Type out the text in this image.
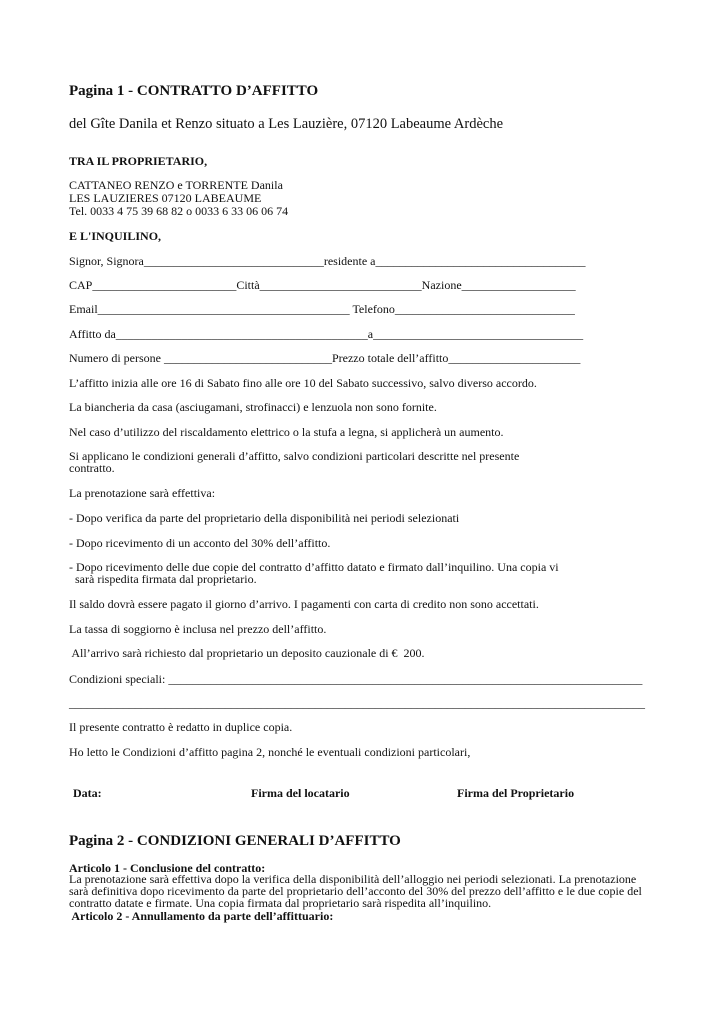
Pagina 1 - CONTRATTO D’AFFITTO
del Gîte Danila et Renzo situato a Les Lauzière, 07120 Labeaume Ardèche
TRA IL PROPRIETARIO,
CATTANEO RENZO e TORRENTE Danila
LES LAUZIERES 07120 LABEAUME
Tel. 0033 4 75 39 68 82 o 0033 6 33 06 06 74
E L'INQUILINO,
Signor, Signora______________________________residente a___________________________________
CAP________________________Città___________________________Nazione___________________
Email__________________________________________ Telefono______________________________
Affitto da__________________________________________a___________________________________
Numero di persone ____________________________Prezzo totale dell’affitto______________________
L’affitto inizia alle ore 16 di Sabato fino alle ore 10 del Sabato successivo, salvo diverso accordo.
La biancheria da casa (asciugamani, strofinacci) e lenzuola non sono fornite.
Nel caso d’utilizzo del riscaldamento elettrico o la stufa a legna, si applicherà un aumento.
Si applicano le condizioni generali d’affitto, salvo condizioni particolari descritte nel presente
contratto.
La prenotazione sarà effettiva:
- Dopo verifica da parte del proprietario della disponibilità nei periodi selezionati
- Dopo ricevimento di un acconto del 30% dell’affitto.
- Dopo ricevimento delle due copie del contratto d’affitto datato e firmato dall’inquilino. Una copia vi
sarà rispedita firmata dal proprietario.
Il saldo dovrà essere pagato il giorno d’arrivo. I pagamenti con carta di credito non sono accettati.
La tassa di soggiorno è inclusa nel prezzo dell’affitto.
All’arrivo sarà richiesto dal proprietario un deposito cauzionale di €  200.
Condizioni speciali: _______________________________________________________________________________
________________________________________________________________________________________________
Il presente contratto è redatto in duplice copia.
Ho letto le Condizioni d’affitto pagina 2, nonché le eventuali condizioni particolari,
Data:	Firma del locatario	Firma del Proprietario
Pagina 2 - CONDIZIONI GENERALI D’AFFITTO
Articolo 1 - Conclusione del contratto:
La prenotazione sarà effettiva dopo la verifica della disponibilità dell’alloggio nei periodi selezionati. La prenotazione
sarà definitiva dopo ricevimento da parte del proprietario dell’acconto del 30% del prezzo dell’affitto e le due copie del
contratto datate e firmate. Una copia firmata dal proprietario sarà rispedita all’inquilino.
Articolo 2 - Annullamento da parte dell’affittuario:
